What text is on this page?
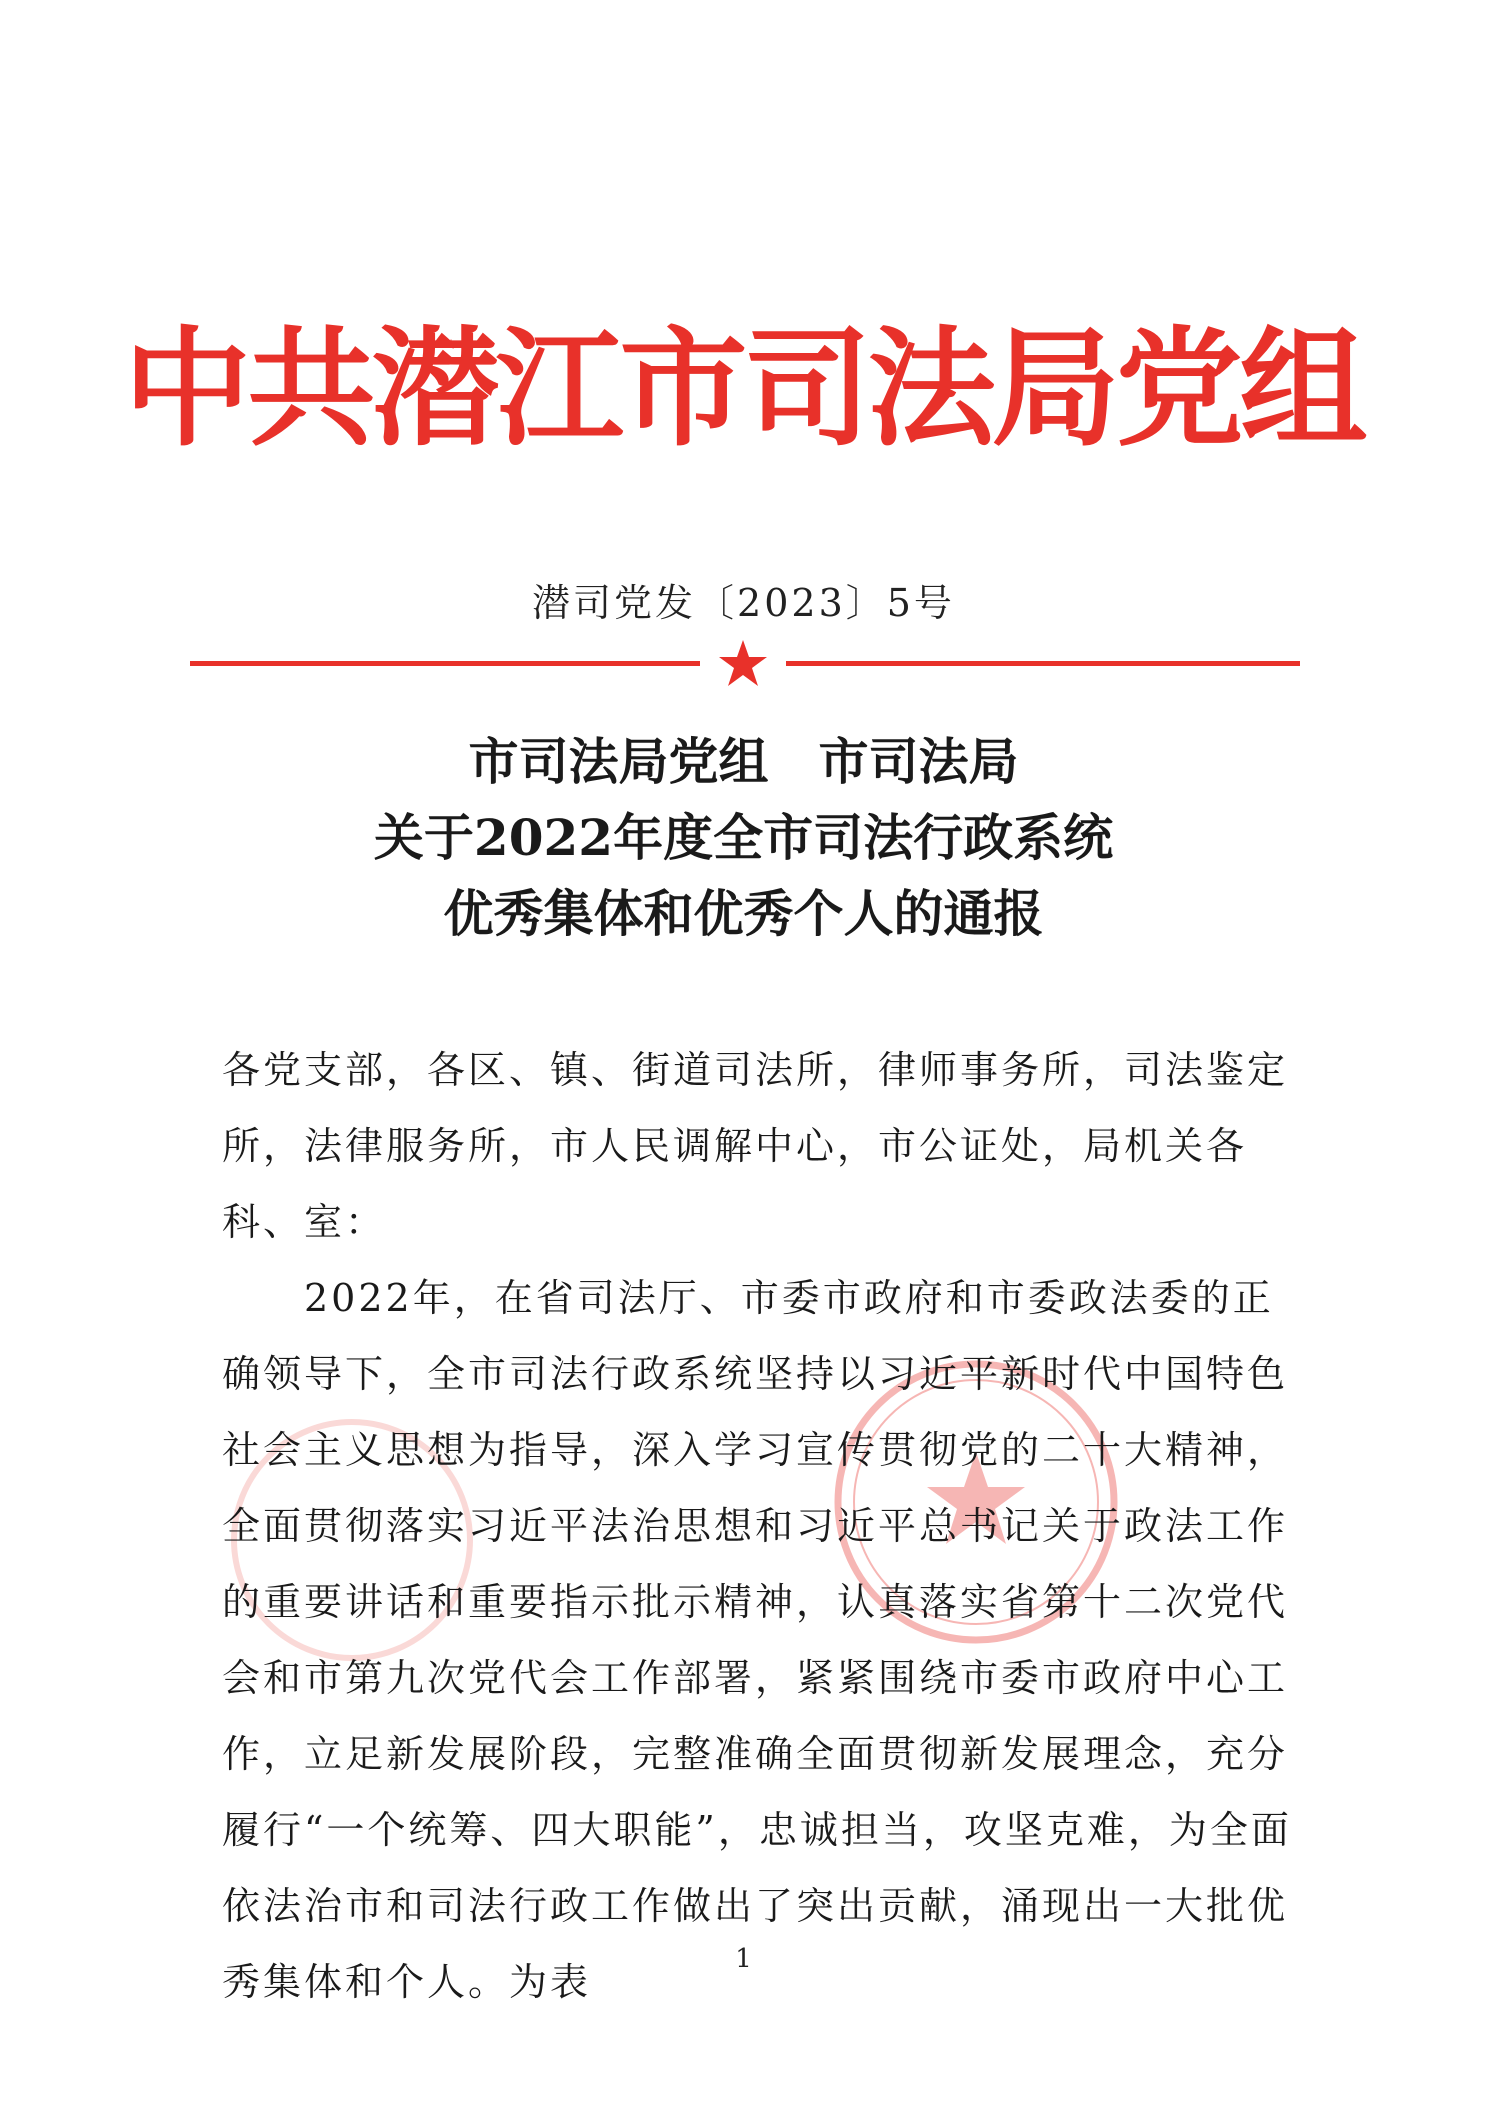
中共潜江市司法局党组
潜司党发〔2023〕5号
市司法局党组　市司法局
关于2022年度全市司法行政系统
优秀集体和优秀个人的通报

各党支部，各区、镇、街道司法所，律师事务所，司法鉴定所，法律服务所，市人民调解中心，市公证处，局机关各科、室：

2022年，在省司法厅、市委市政府和市委政法委的正确领导下，全市司法行政系统坚持以习近平新时代中国特色社会主义思想为指导，深入学习宣传贯彻党的二十大精神，全面贯彻落实习近平法治思想和习近平总书记关于政法工作的重要讲话和重要指示批示精神，认真落实省第十二次党代会和市第九次党代会工作部署，紧紧围绕市委市政府中心工作，立足新发展阶段，完整准确全面贯彻新发展理念，充分履行“一个统筹、四大职能”，忠诚担当，攻坚克难，为全面依法治市和司法行政工作做出了突出贡献，涌现出一大批优秀集体和个人。为表

1
